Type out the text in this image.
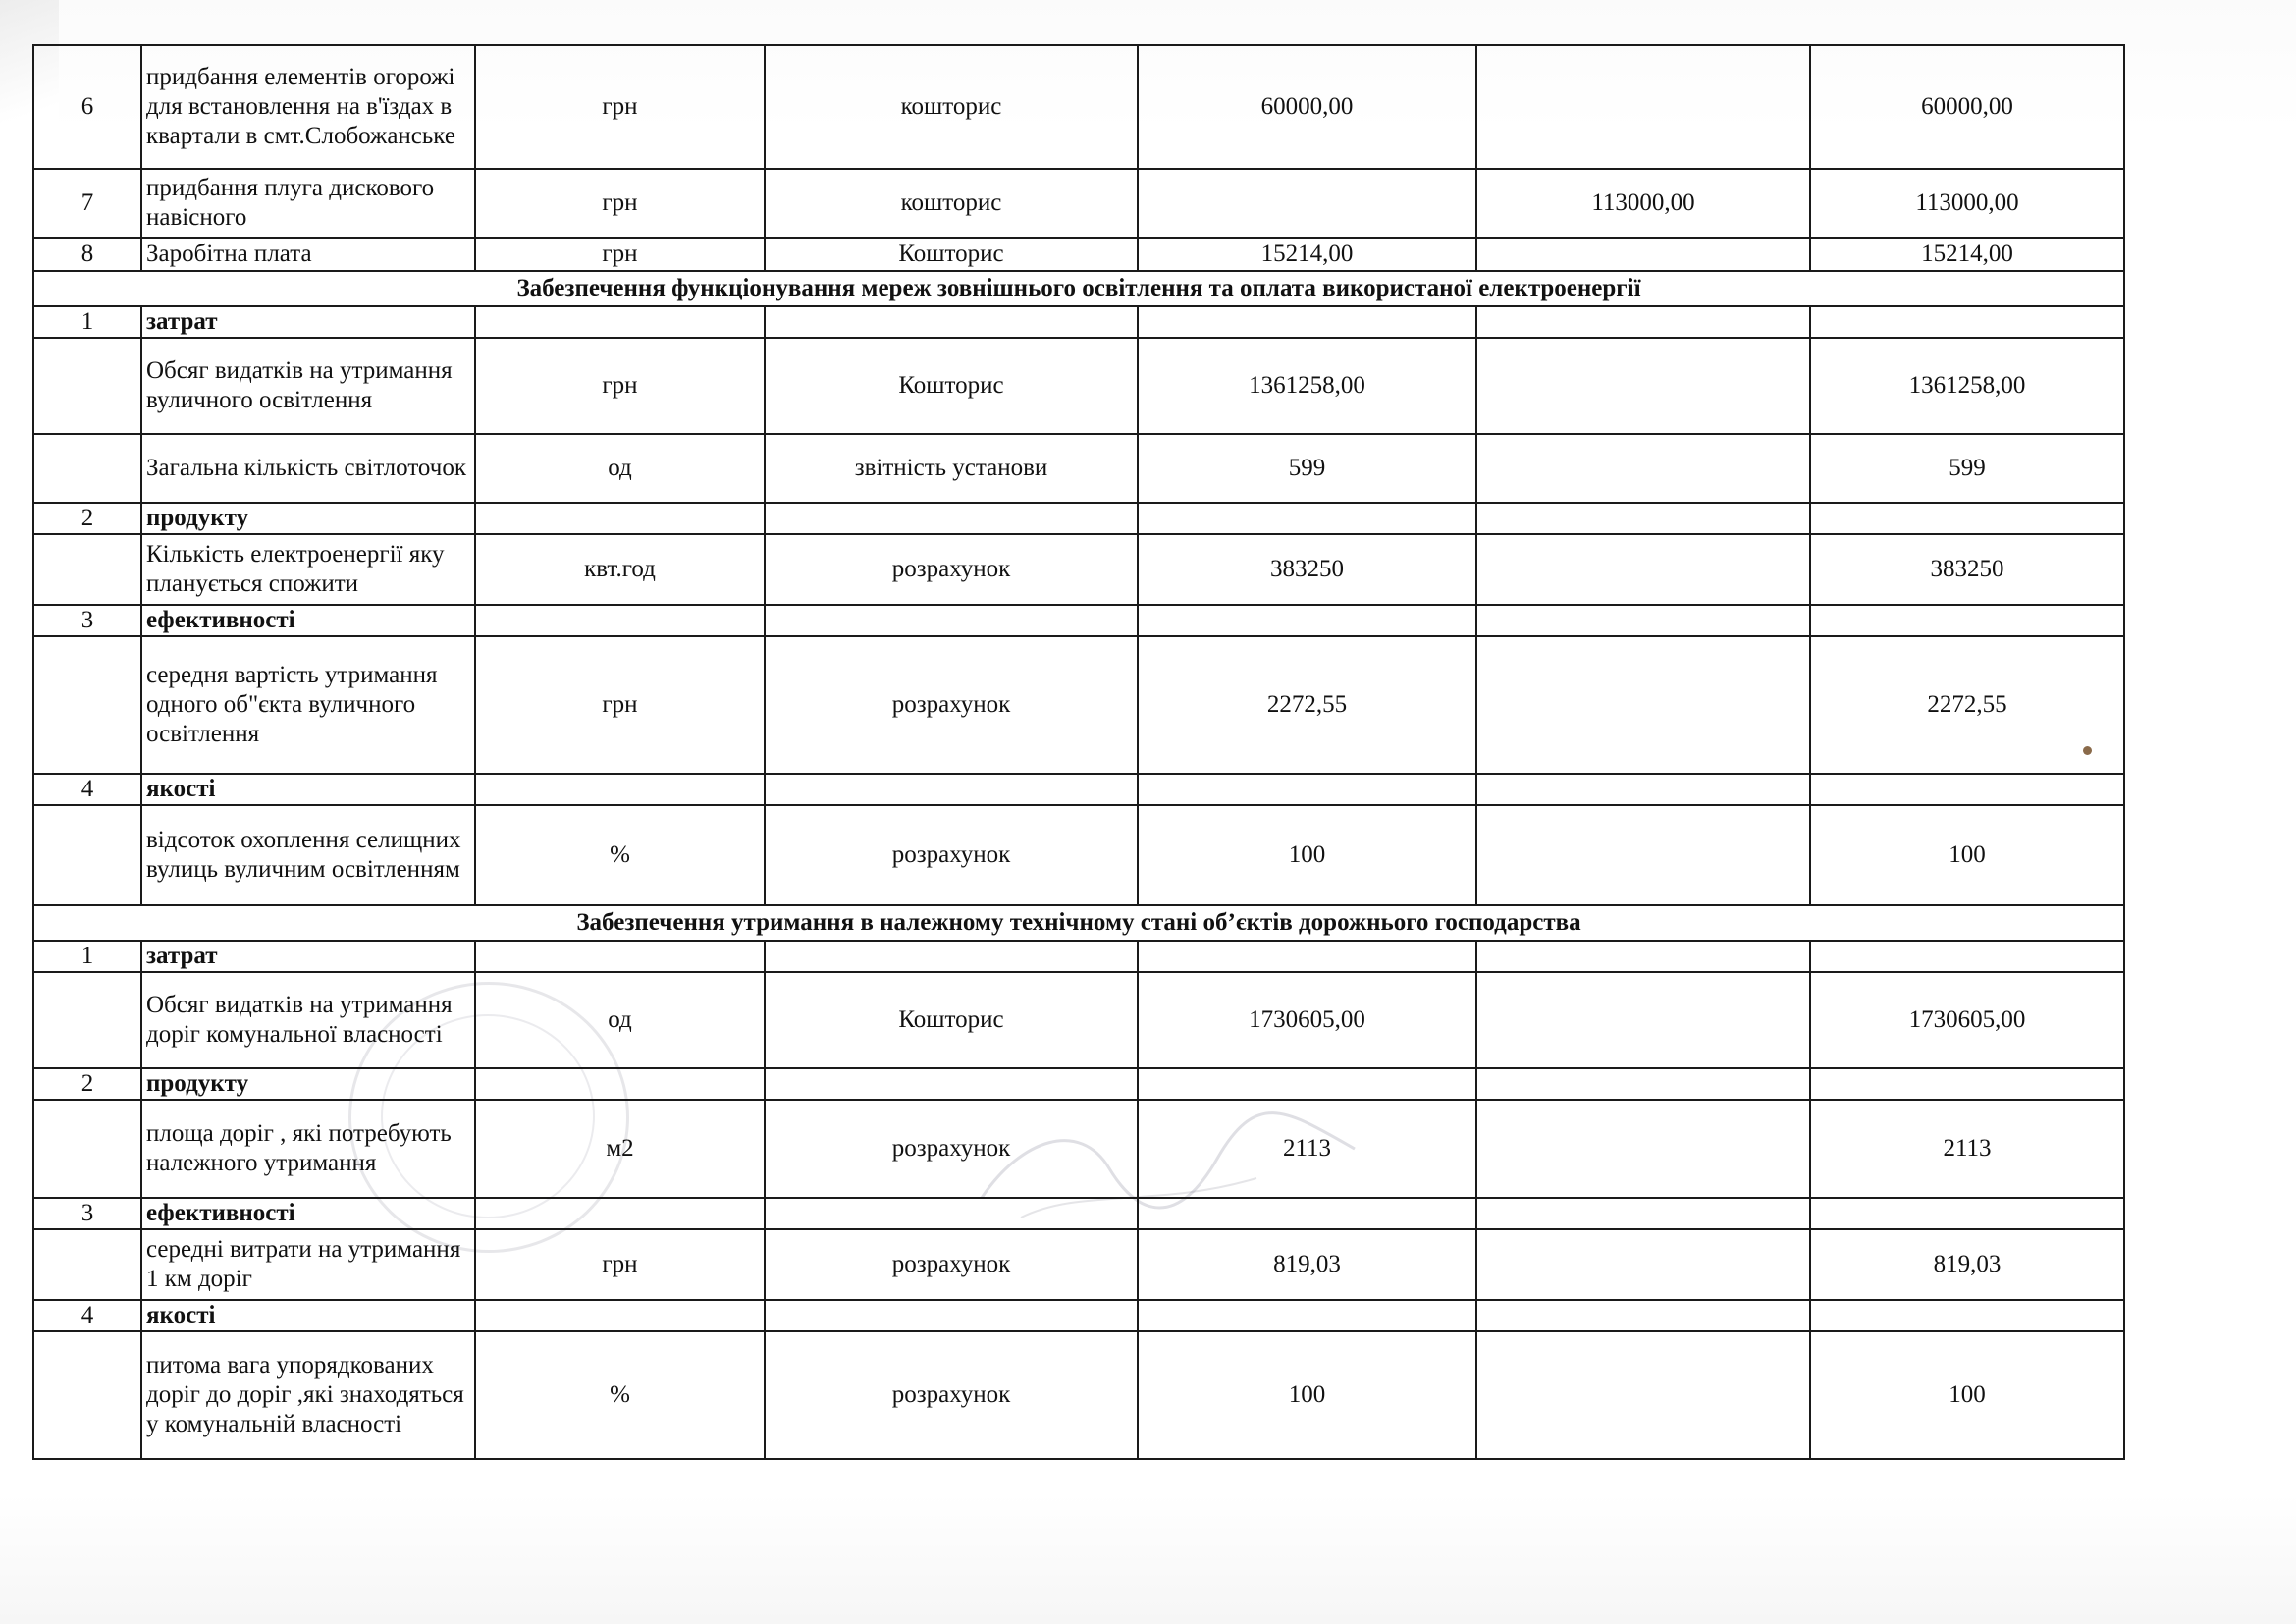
6	придбання елементів огорожі для встановлення на в'їздах в квартали в смт.Слобожанське	грн	кошторис	60000,00		60000,00
7	придбання плуга дискового навісного	грн	кошторис		113000,00	113000,00
8	Заробітна плата	грн	Кошторис	15214,00		15214,00
Забезпечення функціонування мереж зовнішнього освітлення та оплата використаної електроенергії						
1	затрат					
	Обсяг видатків на утримання вуличного освітлення	грн	Кошторис	1361258,00		1361258,00
	Загальна кількість світлоточок	од	звітність установи	599		599
2	продукту					
	Кількість електроенергії яку планується спожити	квт.год	розрахунок	383250		383250
3	ефективності					
	середня вартість утримання одного об"єкта вуличного освітлення	грн	розрахунок	2272,55		2272,55
4	якості					
	відсоток охоплення селищних вулиць вуличним освітленням	%	розрахунок	100		100
Забезпечення утримання в належному технічному стані об’єктів дорожнього господарства						
1	затрат					
	Обсяг видатків на утримання доріг комунальної власності	од	Кошторис	1730605,00		1730605,00
2	продукту					
	площа доріг , які потребують належного утримання	м2	розрахунок	2113		2113
3	ефективності					
	середні витрати на утримання 1 км доріг	грн	розрахунок	819,03		819,03
4	якості					
	питома вага упорядкованих доріг до доріг ,які знаходяться у комунальній власності	%	розрахунок	100		100
